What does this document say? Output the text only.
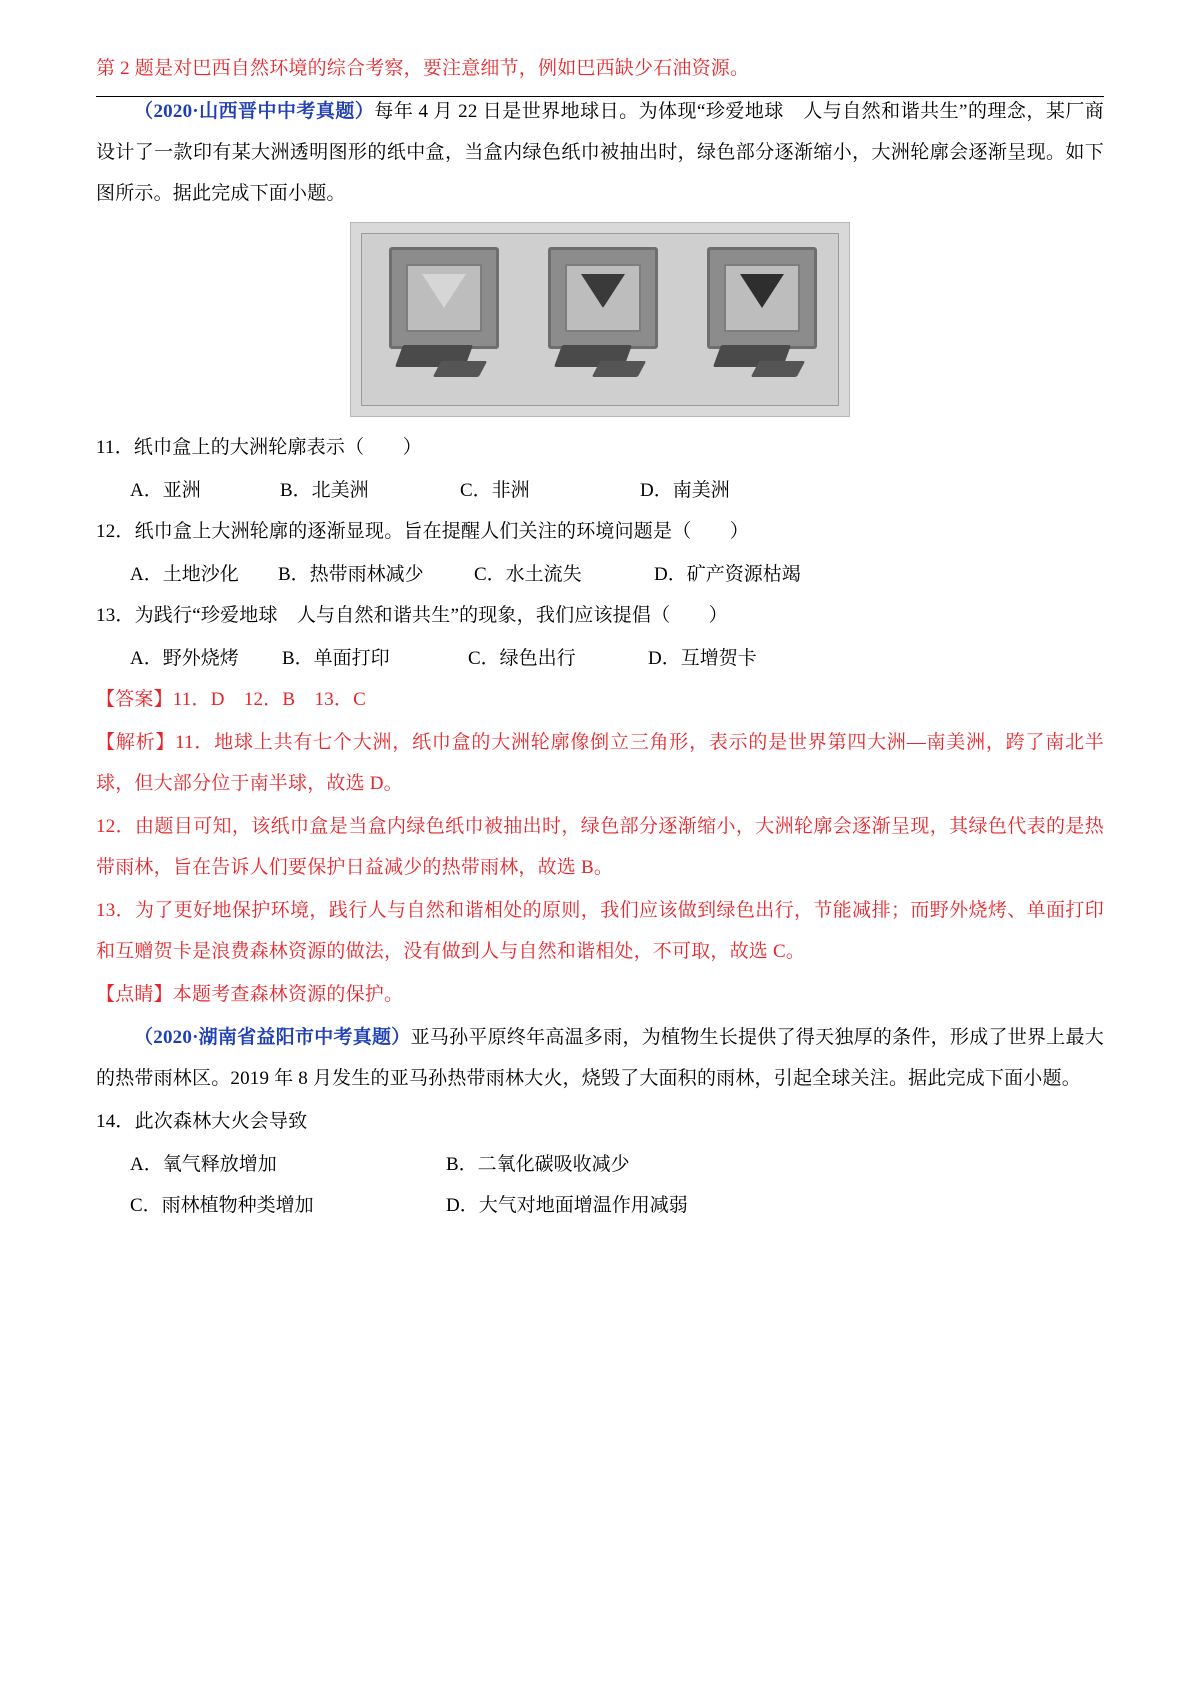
第 2 题是对巴西自然环境的综合考察，要注意细节，例如巴西缺少石油资源。

（2020·山西晋中中考真题）每年 4 月 22 日是世界地球日。为体现“珍爱地球　人与自然和谐共生”的理念，某厂商设计了一款印有某大洲透明图形的纸中盒，当盒内绿色纸巾被抽出时，绿色部分逐渐缩小，大洲轮廓会逐渐呈现。如下图所示。据此完成下面小题。

11．纸巾盒上的大洲轮廓表示（　　）

A．亚洲	B．北美洲	C．非洲	D．南美洲

12．纸巾盒上大洲轮廓的逐渐显现。旨在提醒人们关注的环境问题是（　　）

A．土地沙化	B．热带雨林减少	C．水土流失	D．矿产资源枯竭

13．为践行“珍爱地球　人与自然和谐共生”的现象，我们应该提倡（　　）

A．野外烧烤	B．单面打印	C．绿色出行	D．互增贺卡

【答案】11．D　12．B　13．C

【解析】11．地球上共有七个大洲，纸巾盒的大洲轮廓像倒立三角形，表示的是世界第四大洲—南美洲，跨了南北半球，但大部分位于南半球，故选 D。

12．由题目可知，该纸巾盒是当盒内绿色纸巾被抽出时，绿色部分逐渐缩小，大洲轮廓会逐渐呈现，其绿色代表的是热带雨林，旨在告诉人们要保护日益减少的热带雨林，故选 B。

13．为了更好地保护环境，践行人与自然和谐相处的原则，我们应该做到绿色出行，节能减排；而野外烧烤、单面打印和互赠贺卡是浪费森林资源的做法，没有做到人与自然和谐相处，不可取，故选 C。

【点睛】本题考查森林资源的保护。

（2020·湖南省益阳市中考真题）亚马孙平原终年高温多雨，为植物生长提供了得天独厚的条件，形成了世界上最大的热带雨林区。2019 年 8 月发生的亚马孙热带雨林大火，烧毁了大面积的雨林，引起全球关注。据此完成下面小题。

14．此次森林大火会导致

A．氧气释放增加	B．二氧化碳吸收减少
C．雨林植物种类增加	D．大气对地面增温作用减弱
